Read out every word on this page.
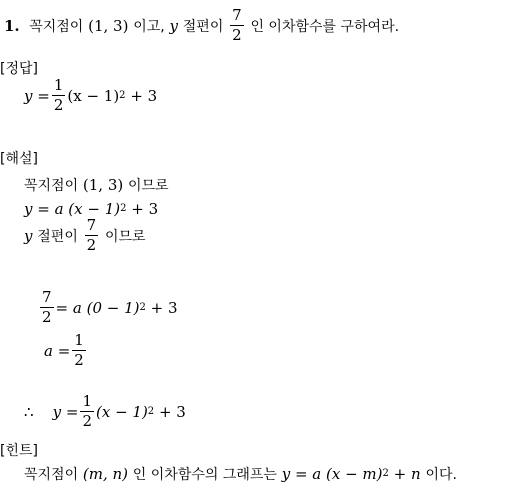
1.
꼭지점이
(1, 3)
이고,
y
절편이
$\frac{7}{2}$
인 이차함수를 구하여라.
[정답]
$y = \frac{1}{2} (x - 1)$ 2
+ 3
[해설]
꼭지점이
(1, 3)
이므로
y = a (x − 1) 2
+ 3
y
절편이
$\frac{7}{2}$
이므로
$\frac{7}{2} = a$ (0 − 1) 2
+ 3
$a = \frac{1}{2}$
∴
$y = \frac{1}{2} (x - 1)$ 2
+ 3
[힌트]
꼭지점이
(m, n)
인 이차함수의 그래프는
y = a (x − m) 2
+ n
이다.
